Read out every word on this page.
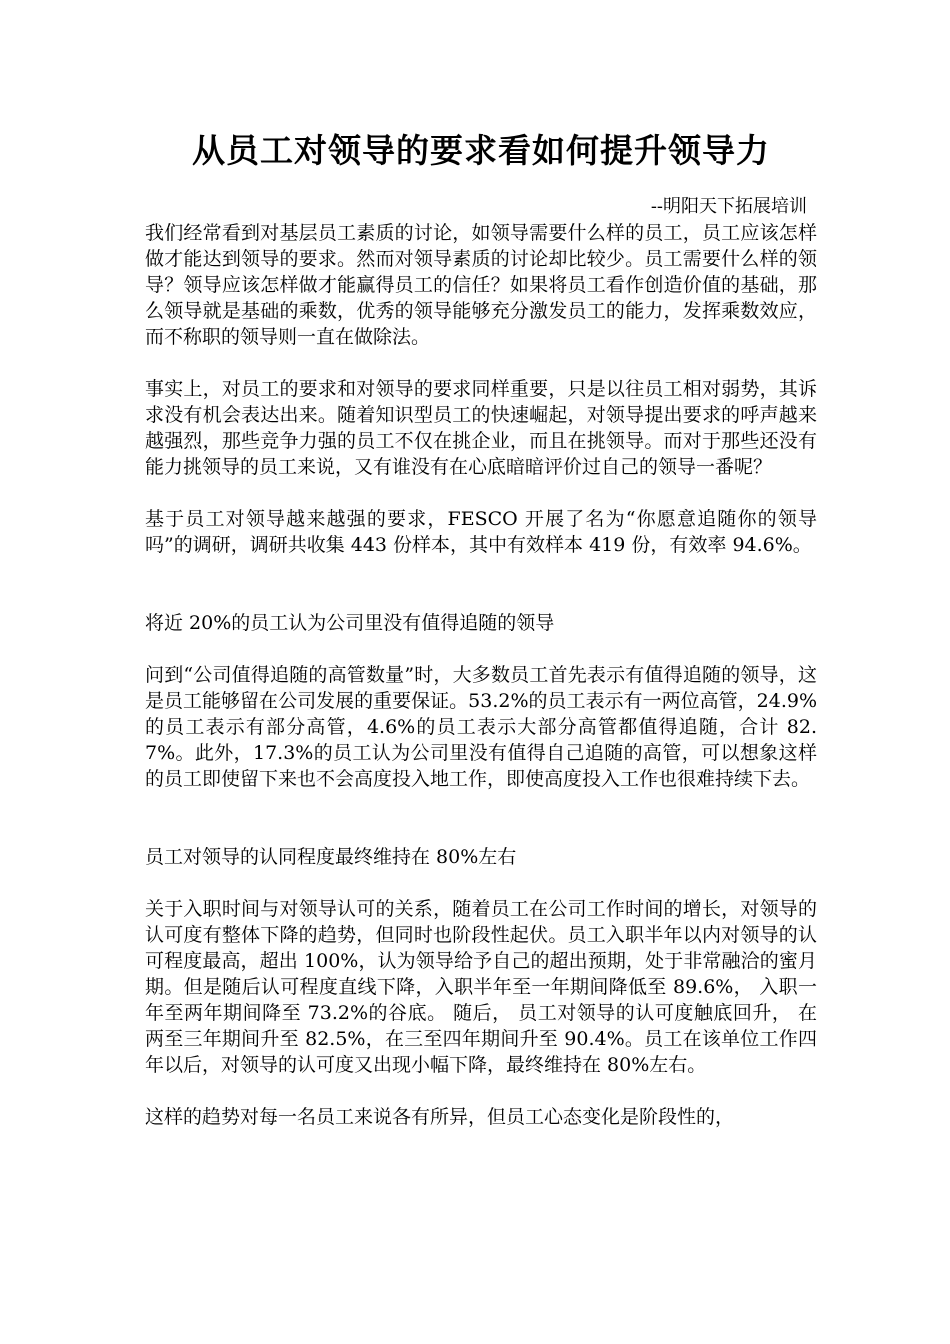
从员工对领导的要求看如何提升领导力
--明阳天下拓展培训

我们经常看到对基层员工素质的讨论，如领导需要什么样的员工，员工应该怎样做才能达到领导的要求。然而对领导素质的讨论却比较少。员工需要什么样的领导？领导应该怎样做才能赢得员工的信任？如果将员工看作创造价值的基础，那么领导就是基础的乘数，优秀的领导能够充分激发员工的能力，发挥乘数效应，而不称职的领导则一直在做除法。

事实上，对员工的要求和对领导的要求同样重要，只是以往员工相对弱势，其诉求没有机会表达出来。随着知识型员工的快速崛起，对领导提出要求的呼声越来越强烈，那些竞争力强的员工不仅在挑企业，而且在挑领导。而对于那些还没有能力挑领导的员工来说，又有谁没有在心底暗暗评价过自己的领导一番呢？

基于员工对领导越来越强的要求，FESCO 开展了名为“你愿意追随你的领导吗”的调研，调研共收集 443 份样本，其中有效样本 419 份，有效率 94.6%。

将近 20%的员工认为公司里没有值得追随的领导

问到“公司值得追随的高管数量”时，大多数员工首先表示有值得追随的领导，这是员工能够留在公司发展的重要保证。53.2%的员工表示有一两位高管，24.9%的员工表示有部分高管，4.6%的员工表示大部分高管都值得追随，合计 82.7%。此外，17.3%的员工认为公司里没有值得自己追随的高管，可以想象这样的员工即使留下来也不会高度投入地工作，即使高度投入工作也很难持续下去。

员工对领导的认同程度最终维持在 80%左右

关于入职时间与对领导认可的关系，随着员工在公司工作时间的增长，对领导的认可度有整体下降的趋势，但同时也阶段性起伏。员工入职半年以内对领导的认可程度最高，超出 100%，认为领导给予自己的超出预期，处于非常融洽的蜜月期。但是随后认可程度直线下降，入职半年至一年期间降低至 89.6%， 入职一年至两年期间降至 73.2%的谷底。 随后， 员工对领导的认可度触底回升， 在两至三年期间升至 82.5%，在三至四年期间升至 90.4%。员工在该单位工作四年以后，对领导的认可度又出现小幅下降，最终维持在 80%左右。

这样的趋势对每一名员工来说各有所异，但员工心态变化是阶段性的，
